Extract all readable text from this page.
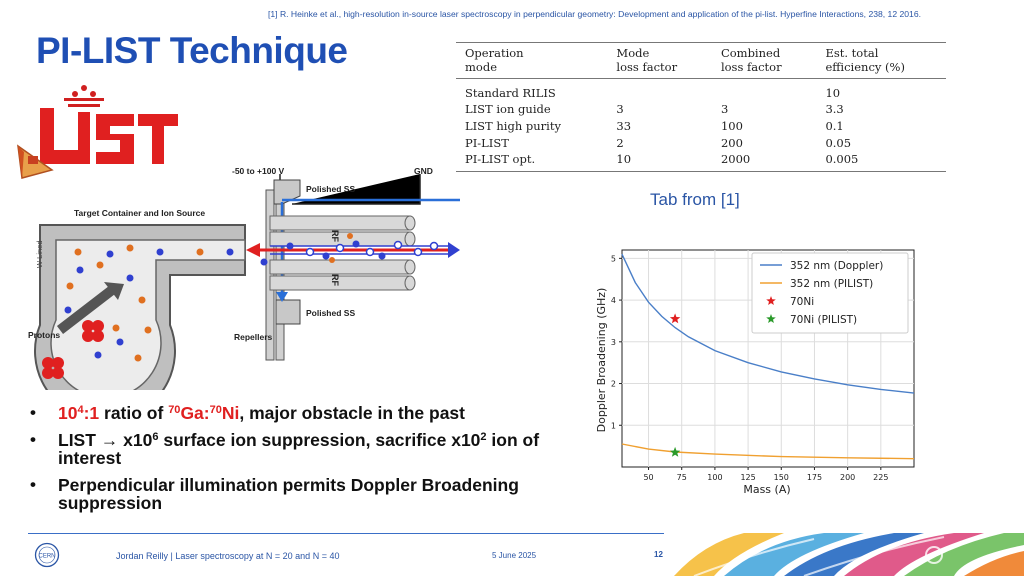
[1] R. Heinke et al., high-resolution in-source laser spectroscopy in perpendicular geometry: Development and application of the pi-list. Hyperfine Interactions, 238, 12 2016.
PI-LIST Technique	Operation	Mode	Combined	Est. total
mode	loss factor	loss factor	efficiency (%)
Standard RILIS			10
LIST ion guide	3	3	3.3
LIST high purity	33	100	0.1
PI-LIST	2	200	0.05
PI-LIST opt.	10	2000	0.005
Tab from [1]
-50 to +100 V	GND
Polished SS
Polished SS
Target Container and Ion Source
Protons	Repellers
W Lined
RF
RF
50	75	100 125 150 175 200 225
1
2
3
4
5
Mass (A)
Doppler Broadening (GHz)
352 nm (Doppler)
352 nm (PILIST)
70Ni
70Ni (PILIST)
• $10^4:1$ ratio of $^{70}$Ga:$^{70}$Ni, major obstacle in the past
• LIST → $x10^6$ surface ion suppression, sacrifice $x10^2$ ion of interest
• Perpendicular illumination permits Doppler Broadening suppression
CERN	Jordan Reilly | Laser spectroscopy at N = 20 and N = 40	5 June 2025	12
